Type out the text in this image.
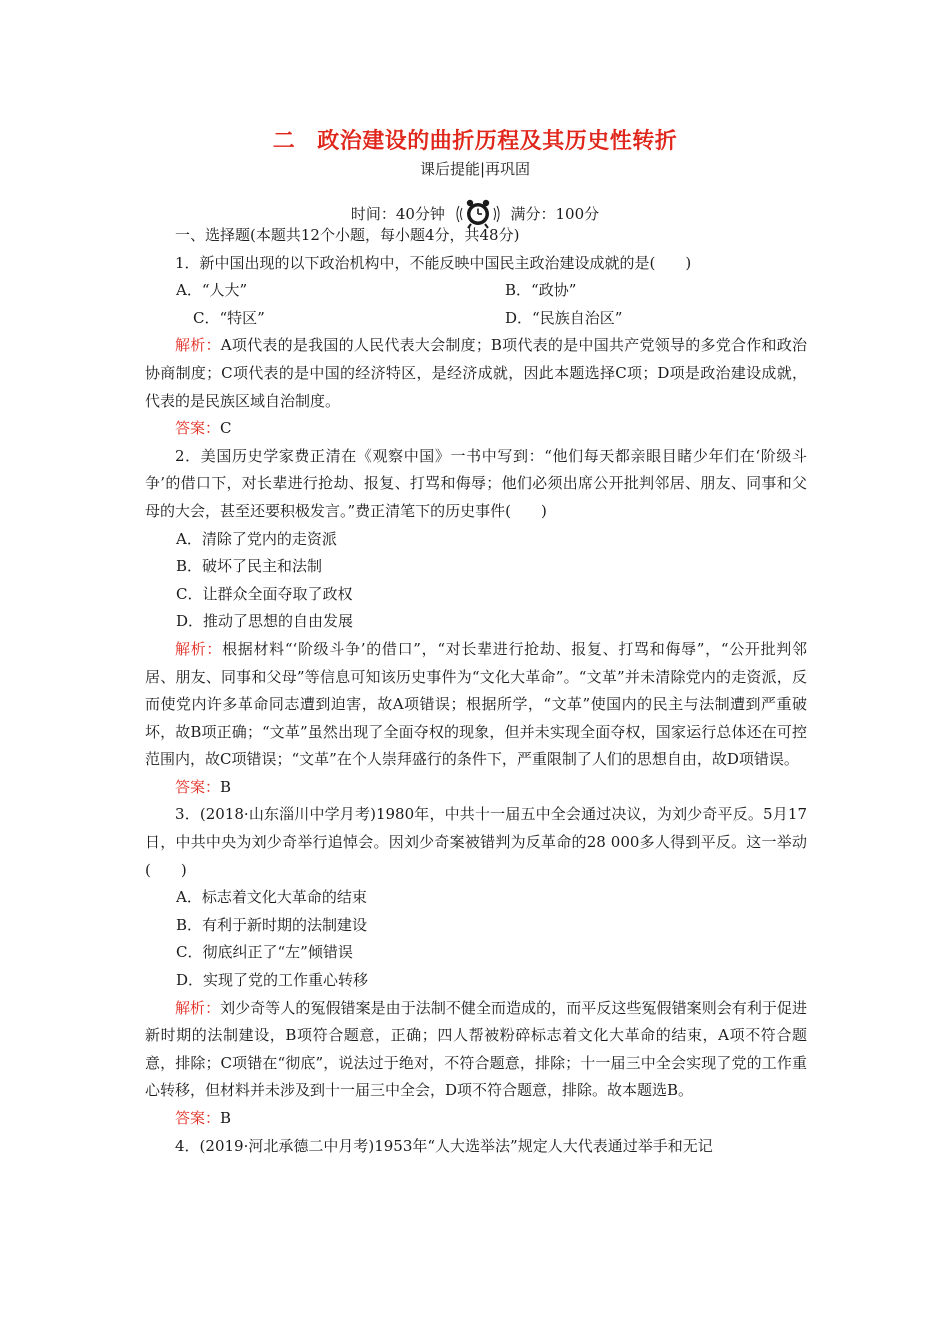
二 政治建设的曲折历程及其历史性转折
课后提能|再巩固
时间：40分钟	满分：100分

一、选择题(本题共12个小题，每小题4分，共48分)

1．新中国出现的以下政治机构中，不能反映中国民主政治建设成就的是(　　)

A．“人大”	B．“政协”
C．“特区”	D．“民族自治区”

解析：A项代表的是我国的人民代表大会制度；B项代表的是中国共产党领导的多党合作和政治协商制度；C项代表的是中国的经济特区，是经济成就，因此本题选择C项；D项是政治建设成就，代表的是民族区域自治制度。

答案：C

2．美国历史学家费正清在《观察中国》一书中写到：“他们每天都亲眼目睹少年们在‘阶级斗争’的借口下，对长辈进行抢劫、报复、打骂和侮辱；他们必须出席公开批判邻居、朋友、同事和父母的大会，甚至还要积极发言。”费正清笔下的历史事件(　　)

A．清除了党内的走资派

B．破坏了民主和法制

C．让群众全面夺取了政权

D．推动了思想的自由发展

解析：根据材料“‘阶级斗争’的借口”，“对长辈进行抢劫、报复、打骂和侮辱”，“公开批判邻居、朋友、同事和父母”等信息可知该历史事件为“文化大革命”。“文革”并未清除党内的走资派，反而使党内许多革命同志遭到迫害，故A项错误；根据所学，“文革”使国内的民主与法制遭到严重破坏，故B项正确；“文革”虽然出现了全面夺权的现象，但并未实现全面夺权，国家运行总体还在可控范围内，故C项错误；“文革”在个人崇拜盛行的条件下，严重限制了人们的思想自由，故D项错误。

答案：B

3．(2018·山东淄川中学月考)1980年，中共十一届五中全会通过决议，为刘少奇平反。5月17日，中共中央为刘少奇举行追悼会。因刘少奇案被错判为反革命的28 000多人得到平反。这一举动(　　)

A．标志着文化大革命的结束

B．有利于新时期的法制建设

C．彻底纠正了“左”倾错误

D．实现了党的工作重心转移

解析：刘少奇等人的冤假错案是由于法制不健全而造成的，而平反这些冤假错案则会有利于促进新时期的法制建设，B项符合题意，正确；四人帮被粉碎标志着文化大革命的结束，A项不符合题意，排除；C项错在“彻底”，说法过于绝对，不符合题意，排除；十一届三中全会实现了党的工作重心转移，但材料并未涉及到十一届三中全会，D项不符合题意，排除。故本题选B。

答案：B

4．(2019·河北承德二中月考)1953年“人大选举法”规定人大代表通过举手和无记
